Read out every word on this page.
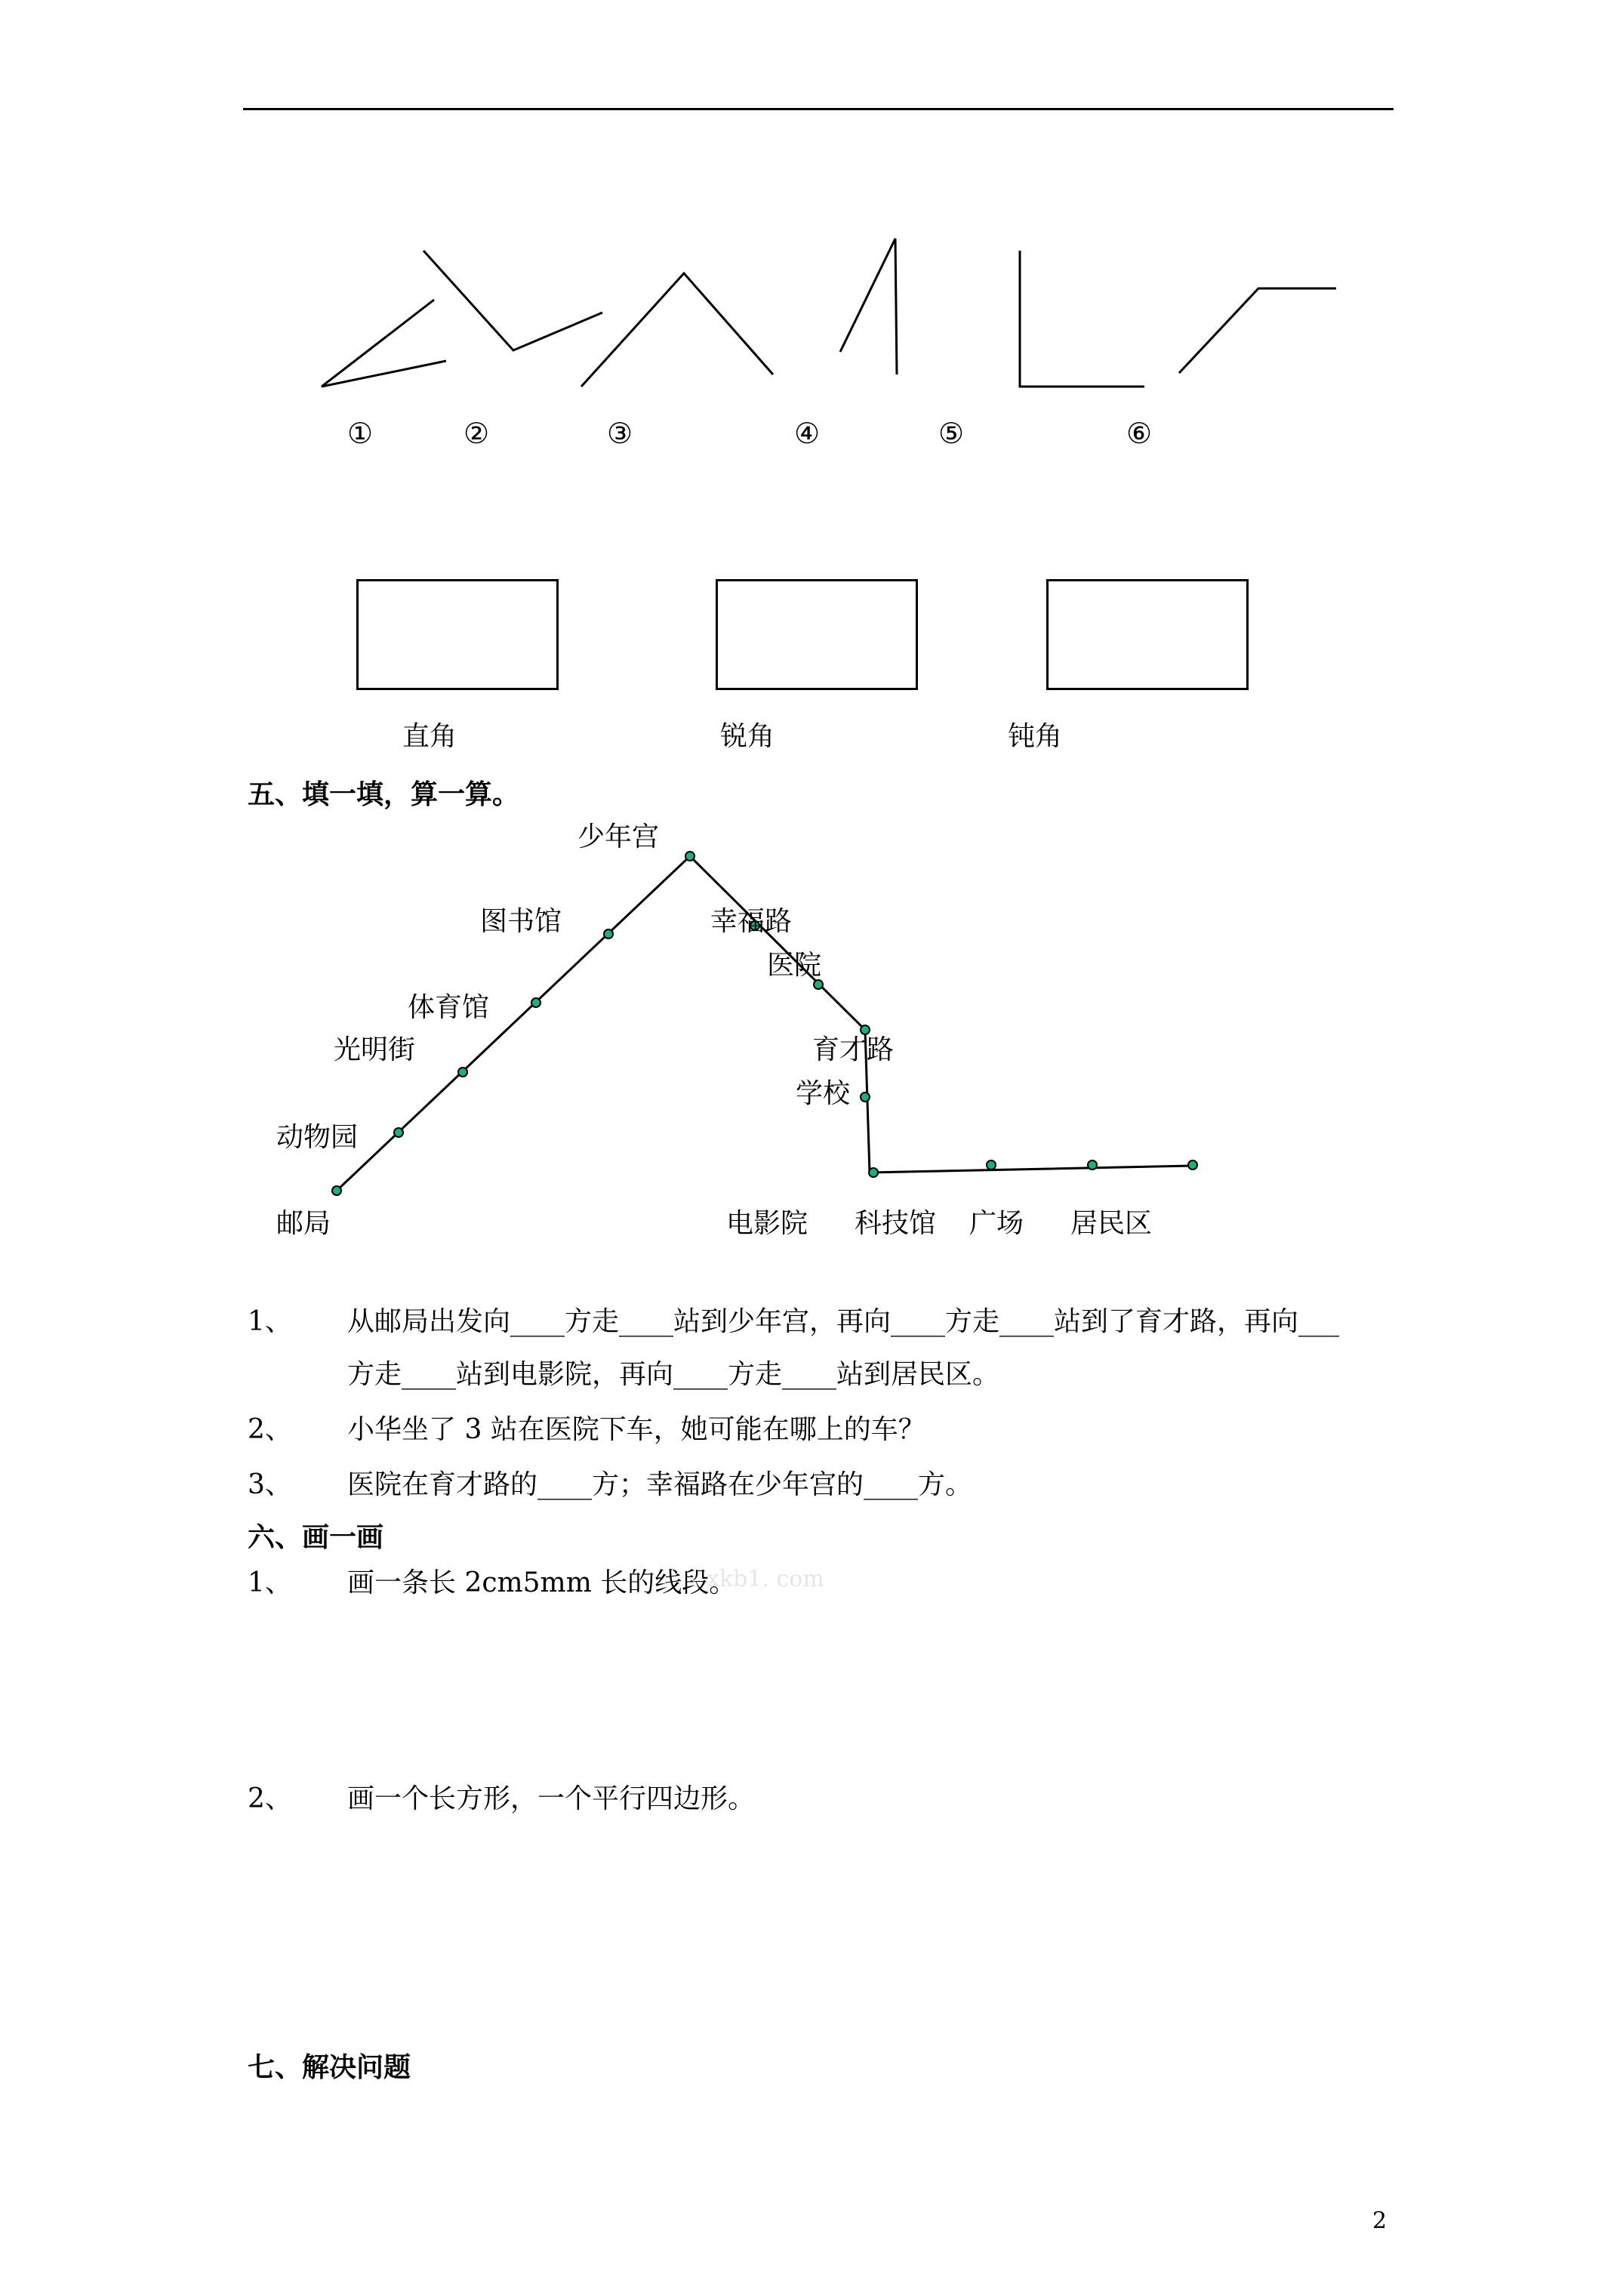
①	②	③	④	⑤	⑥
直角	锐角	钝角
五、填一填，算一算。
少年宫
图书馆	幸福路
医院
体育馆
光明街	育才路
学校
动物园
邮局	电影院 科技馆 广场 居民区
1、 从邮局出发向____方走____站到少年宫，再向____方走____站到了育才路，再向___
方走____站到电影院，再向____方走____站到居民区。
2、 小华坐了 3 站在医院下车，她可能在哪上的车？
3、 医院在育才路的____方；幸福路在少年宫的____方。
六、画一画
1、 画一条长 2cm5mm 长的线段。
xkb1. com
2、 画一个长方形，一个平行四边形。
七、解决问题
2
